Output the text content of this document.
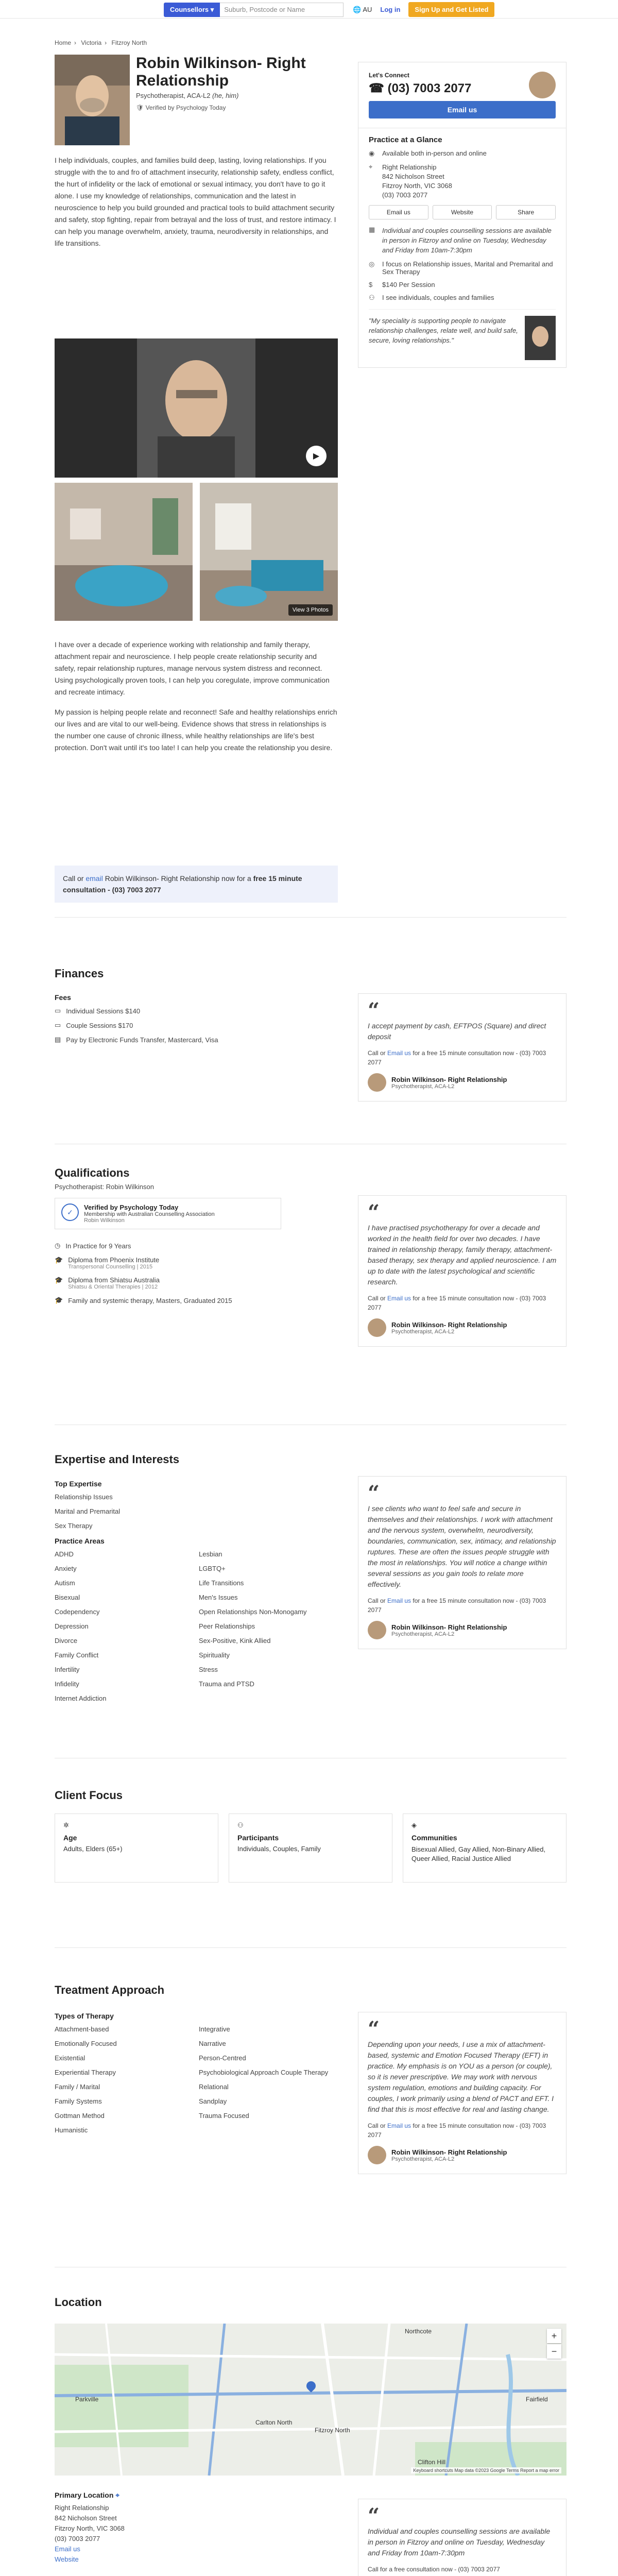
Counsellors ▾	Suburb, Postcode or Name	🌐 AU Log in	Sign Up and Get Listed
Home › Victoria › Fitzroy North
Robin Wilkinson- Right Relationship
Psychotherapist, ACA-L2 (he, him)
🛡 Verified by Psychology Today

I help individuals, couples, and families build deep, lasting, loving relationships. If you struggle with the to and fro of attachment insecurity, relationship safety, endless conflict, the hurt of infidelity or the lack of emotional or sexual intimacy, you don't have to go it alone. I use my knowledge of relationships, communication and the latest in neuroscience to help you build grounded and practical tools to build attachment security and safety, stop fighting, repair from betrayal and the loss of trust, and restore intimacy. I can help you manage overwhelm, anxiety, trauma, neurodiversity in relationships, and life transitions.

▶
View 3 Photos

I have over a decade of experience working with relationship and family therapy, attachment repair and neuroscience. I help people create relationship security and safety, repair relationship ruptures, manage nervous system distress and reconnect. Using psychologically proven tools, I can help you coregulate, improve communication and recreate intimacy.

My passion is helping people relate and reconnect! Safe and healthy relationships enrich our lives and are vital to our well-being. Evidence shows that stress in relationships is the number one cause of chronic illness, while healthy relationships are life's best protection. Don't wait until it's too late! I can help you create the relationship you desire.

Call or email Robin Wilkinson- Right Relationship now for a free 15 minute consultation - (03) 7003 2077
Let's Connect
☎ (03) 7003 2077
Email us
Practice at a Glance
◉	Available both in-person and online
⌖	Right Relationship
842 Nicholson Street
Fitzroy North, VIC 3068
(03) 7003 2077
Email us	Website	Share
▦ Individual and couples counselling sessions are available in person in Fitzroy and online on Tuesday, Wednesday and Friday from 10am-7:30pm
◎	I focus on Relationship issues, Marital and Premarital and Sex Therapy
$	$140 Per Session
⚇	I see individuals, couples and families
"My speciality is supporting people to navigate relationship challenges, relate well, and build safe, secure, loving relationships."
Finances
Fees
▭ Individual Sessions $140
▭ Couple Sessions $170
▤ Pay by Electronic Funds Transfer, Mastercard, Visa
“
I accept payment by cash, EFTPOS (Square) and direct deposit
Call or Email us for a free 15 minute consultation now - (03) 7003 2077
Robin Wilkinson- Right Relationship
Psychotherapist, ACA-L2
Qualifications
Psychotherapist: Robin Wilkinson
✓
Verified by Psychology Today
Membership with Australian Counselling Association
Robin Wilkinson
◷ In Practice for 9 Years
🎓 Diploma from Phoenix Institute
Transpersonal Counselling | 2015
🎓 Diploma from Shiatsu Australia
Shiatsu & Oriental Therapies | 2012
🎓 Family and systemic therapy, Masters, Graduated 2015
“
I have practised psychotherapy for over a decade and worked in the health field for over two decades. I have trained in relationship therapy, family therapy, attachment-based therapy, sex therapy and applied neuroscience. I am up to date with the latest psychological and scientific research.
Call or Email us for a free 15 minute consultation now - (03) 7003 2077
Robin Wilkinson- Right Relationship
Psychotherapist, ACA-L2
Expertise and Interests
Top Expertise
Relationship Issues
Marital and Premarital
Sex Therapy
Practice Areas
ADHD
Anxiety
Autism
Bisexual
Codependency
Depression
Divorce
Family Conflict
Infertility
Infidelity
Internet Addiction
Lesbian
LGBTQ+
Life Transitions
Men's Issues
Open Relationships Non-Monogamy
Peer Relationships
Sex-Positive, Kink Allied
Spirituality
Stress
Trauma and PTSD
“
I see clients who want to feel safe and secure in themselves and their relationships. I work with attachment and the nervous system, overwhelm, neurodiversity, boundaries, communication, sex, intimacy, and relationship ruptures. These are often the issues people struggle with the most in relationships. You will notice a change within several sessions as you gain tools to relate more effectively.
Call or Email us for a free 15 minute consultation now - (03) 7003 2077
Robin Wilkinson- Right Relationship
Psychotherapist, ACA-L2
Client Focus
✲
Age
Adults, Elders (65+)
⚇
Participants
Individuals, Couples, Family
◈
Communities
Bisexual Allied, Gay Allied, Non-Binary Allied, Queer Allied, Racial Justice Allied
Treatment Approach
Types of Therapy
Attachment-based
Emotionally Focused
Existential
Experiential Therapy
Family / Marital
Family Systems
Gottman Method
Humanistic
Integrative
Narrative
Person-Centred
Psychobiological Approach Couple Therapy
Relational
Sandplay
Trauma Focused
“
Depending upon your needs, I use a mix of attachment-based, systemic and Emotion Focused Therapy (EFT) in practice. My emphasis is on YOU as a person (or couple), so it is never prescriptive. We may work with nervous system regulation, emotions and building capacity. For couples, I work primarily using a blend of PACT and EFT. I find that this is most effective for real and lasting change.
Call or Email us for a free 15 minute consultation now - (03) 7003 2077
Robin Wilkinson- Right Relationship
Psychotherapist, ACA-L2
Location
Northcote
Parkville
Carlton North
Fitzroy North
Clifton Hill
Fairfield
+
−
Keyboard shortcuts Map data ©2023 Google Terms Report a map error
Primary Location ⌖
Right Relationship
842 Nicholson Street
Fitzroy North, VIC 3068
(03) 7003 2077
Email us
Website
“
Individual and couples counselling sessions are available in person in Fitzroy and online on Tuesday, Wednesday and Friday from 10am-7:30pm
Call for a free consultation now - (03) 7003 2077
